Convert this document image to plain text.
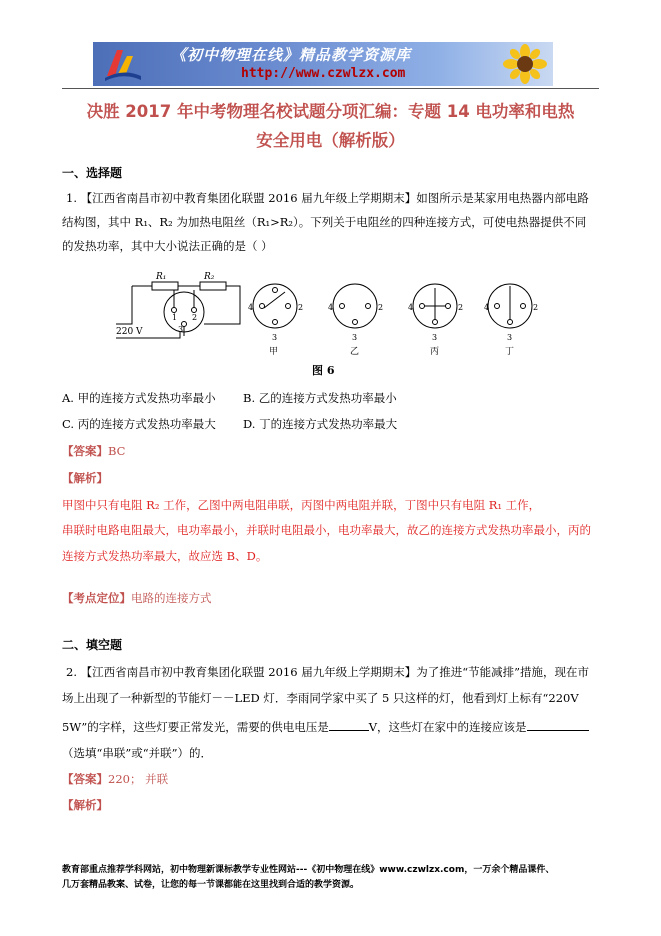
《初中物理在线》精品教学资源库
http://www.czwlzx.com
决胜 2017 年中考物理名校试题分项汇编：专题 14 电功率和电热
安全用电（解析版）
一、选择题
1. 【江西省南昌市初中教育集团化联盟 2016 届九年级上学期期末】如图所示是某家用电热器内部电路
结构图，其中 R₁、R₂ 为加热电阻丝（R₁>R₂）。下列关于电阻丝的四种连接方式，可使电热器提供不同
的发热功率，其中大小说法正确的是（ ）
R₁	R₂
220 V
1 2
3
4	2
3
甲
4	2
3
乙
4	2
3
丙
4	2
3
丁
图 6
A. 甲的连接方式发热功率最小 B. 乙的连接方式发热功率最小
C. 丙的连接方式发热功率最大 D. 丁的连接方式发热功率最大
【答案】BC
【解析】
甲图中只有电阻 R₂ 工作，乙图中两电阻串联，丙图中两电阻并联，丁图中只有电阻 R₁ 工作，
串联时电路电阻最大，电功率最小，并联时电阻最小，电功率最大，故乙的连接方式发热功率最小，丙的
连接方式发热功率最大，故应选 B、D。
【考点定位】电路的连接方式
二、填空题
2. 【江西省南昌市初中教育集团化联盟 2016 届九年级上学期期末】为了推进“节能减排”措施，现在市
场上出现了一种新型的节能灯－－LED 灯．李雨同学家中买了 5 只这样的灯，他看到灯上标有“220V
5W”的字样，这些灯要正常发光，需要的供电电压是	V，这些灯在家中的连接应该是
（选填“串联”或“并联”）的．
【答案】220； 并联
【解析】
教育部重点推荐学科网站，初中物理新课标教学专业性网站---《初中物理在线》www.czwlzx.com，一万余个精品课件、
几万套精品教案、试卷，让您的每一节课都能在这里找到合适的教学资源。
